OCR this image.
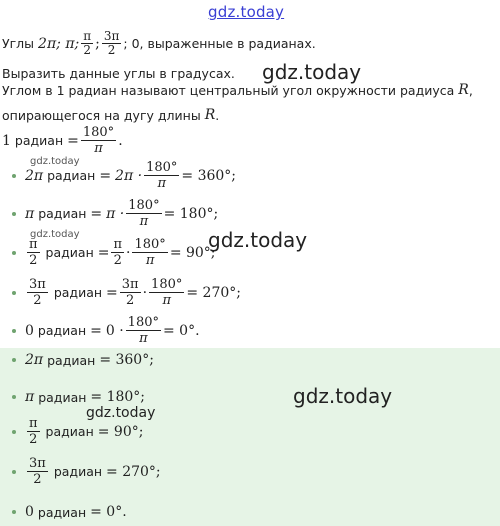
gdz.today
Углы 2π; π; $\frac{\pi}{2}$ ; $\frac{3\pi}{2}$ ; 0, выраженные в радианах.
Выразить данные углы в градусах. gdz.today
Углом в 1 радиан называют центральный угол окружности радиуса R ,
опирающегося на дугу длины R .
1 радиан = $\frac{180^\circ}{\pi}$ .
gdz.today
2π радиан = $2\pi \cdot \frac{180^\circ}{\pi} = 360^\circ$;
π радиан = $\pi \cdot \frac{180^\circ}{\pi} = 180^\circ$;
gdz.today	gdz.today
$\frac{\pi}{2}$ радиан = $\frac{\pi}{2} \cdot \frac{180^\circ}{\pi} = 90^\circ$;
$\frac{3\pi}{2}$ радиан = $\frac{3\pi}{2} \cdot \frac{180^\circ}{\pi} = 270^\circ$;
0 радиан = $0 \cdot \frac{180^\circ}{\pi} = 0^\circ$.
2π радиан = 360°;
π радиан = 180°;	gdz.today
gdz.today
$\frac{\pi}{2}$ радиан = 90°;
$\frac{3\pi}{2}$ радиан = 270°;
0 радиан = 0°.
